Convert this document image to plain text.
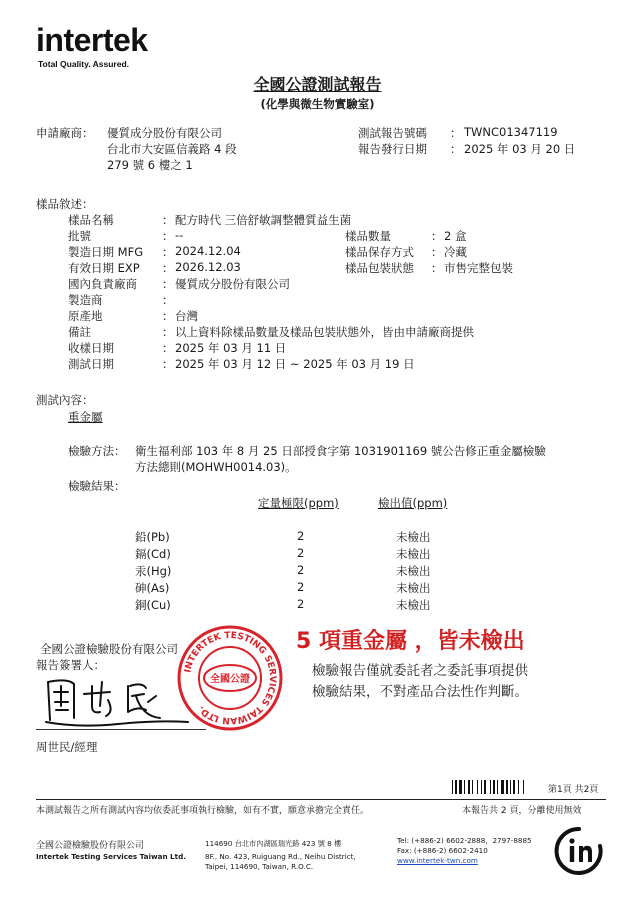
intertek
Total Quality. Assured.
全國公證測試報告
(化學與微生物實驗室)
申請廠商： 優質成分股份有限公司
台北市大安區信義路 4 段
279 號 6 樓之 1
測試報告號碼 ： TWNC01347119
報告發行日期 ： 2025 年 03 月 20 日
樣品敘述：
樣品名稱	： 配方時代 三倍舒敏調整體質益生菌
批號	： --
製造日期 MFG ： 2024.12.04
有效日期 EXP ： 2026.12.03
國內負責廠商 ： 優質成分股份有限公司
製造商	：
原產地	： 台灣
備註	： 以上資料除樣品數量及樣品包裝狀態外，皆由申請廠商提供
收樣日期	： 2025 年 03 月 11 日
測試日期	： 2025 年 03 月 12 日 ~ 2025 年 03 月 19 日
樣品數量	： 2 盒
樣品保存方式 ： 冷藏
樣品包裝狀態 ： 市售完整包裝
測試內容：
重金屬
檢驗方法： 衛生福利部 103 年 8 月 25 日部授食字第 1031901169 號公告修正重金屬檢驗
方法總則(MOHWH0014.03)。
檢驗結果：
定量極限(ppm)	檢出值(ppm)
鉛(Pb)	2	未檢出
鎘(Cd)	2	未檢出
汞(Hg)	2	未檢出
砷(As)	2	未檢出
銅(Cu)	2	未檢出
5 項重金屬 ，皆未檢出
檢驗報告僅就委託者之委託事項提供
檢驗結果，不對產品合法性作判斷。
全國公證檢驗股份有限公司
報告簽署人：
周世民/經理
INTERTEK TESTING SERVICES TAIWAN LTD.
全國公證
第1頁 共2頁
本測試報告之所有測試內容均依委託事項執行檢驗，如有不實，願意承擔完全責任。	本報告共 2 頁，分離使用無效
全國公證檢驗股份有限公司
Intertek Testing Services Taiwan Ltd.
114690 台北市內湖區瑞光路 423 號 8 樓
8F., No. 423, Ruiguang Rd., Neihu District,
Taipei, 114690, Taiwan, R.O.C.
Tel: (+886-2) 6602-2888，2797-8885
Fax: (+886-2) 6602-2410
www.intertek-twn.com
